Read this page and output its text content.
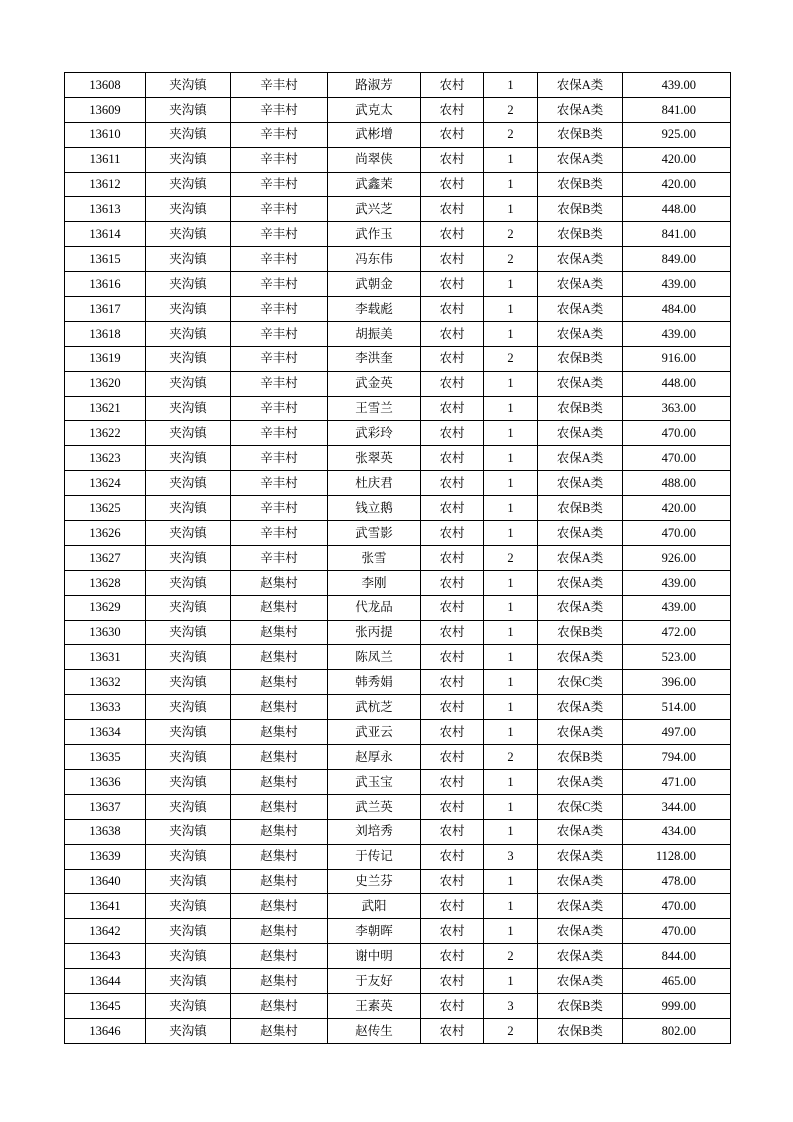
13608	夹沟镇	辛丰村	路淑芳	农村	1	农保A类	439.00
13609	夹沟镇	辛丰村	武克太	农村	2	农保A类	841.00
13610	夹沟镇	辛丰村	武彬增	农村	2	农保B类	925.00
13611	夹沟镇	辛丰村	尚翠侠	农村	1	农保A类	420.00
13612	夹沟镇	辛丰村	武鑫茉	农村	1	农保B类	420.00
13613	夹沟镇	辛丰村	武兴芝	农村	1	农保B类	448.00
13614	夹沟镇	辛丰村	武作玉	农村	2	农保B类	841.00
13615	夹沟镇	辛丰村	冯东伟	农村	2	农保A类	849.00
13616	夹沟镇	辛丰村	武朝金	农村	1	农保A类	439.00
13617	夹沟镇	辛丰村	李载彪	农村	1	农保A类	484.00
13618	夹沟镇	辛丰村	胡振美	农村	1	农保A类	439.00
13619	夹沟镇	辛丰村	李洪奎	农村	2	农保B类	916.00
13620	夹沟镇	辛丰村	武金英	农村	1	农保A类	448.00
13621	夹沟镇	辛丰村	王雪兰	农村	1	农保B类	363.00
13622	夹沟镇	辛丰村	武彩玲	农村	1	农保A类	470.00
13623	夹沟镇	辛丰村	张翠英	农村	1	农保A类	470.00
13624	夹沟镇	辛丰村	杜庆君	农村	1	农保A类	488.00
13625	夹沟镇	辛丰村	钱立鹅	农村	1	农保B类	420.00
13626	夹沟镇	辛丰村	武雪影	农村	1	农保A类	470.00
13627	夹沟镇	辛丰村	张雪	农村	2	农保A类	926.00
13628	夹沟镇	赵集村	李刚	农村	1	农保A类	439.00
13629	夹沟镇	赵集村	代龙品	农村	1	农保A类	439.00
13630	夹沟镇	赵集村	张丙提	农村	1	农保B类	472.00
13631	夹沟镇	赵集村	陈凤兰	农村	1	农保A类	523.00
13632	夹沟镇	赵集村	韩秀娟	农村	1	农保C类	396.00
13633	夹沟镇	赵集村	武杭芝	农村	1	农保A类	514.00
13634	夹沟镇	赵集村	武亚云	农村	1	农保A类	497.00
13635	夹沟镇	赵集村	赵厚永	农村	2	农保B类	794.00
13636	夹沟镇	赵集村	武玉宝	农村	1	农保A类	471.00
13637	夹沟镇	赵集村	武兰英	农村	1	农保C类	344.00
13638	夹沟镇	赵集村	刘培秀	农村	1	农保A类	434.00
13639	夹沟镇	赵集村	于传记	农村	3	农保A类	1128.00
13640	夹沟镇	赵集村	史兰芬	农村	1	农保A类	478.00
13641	夹沟镇	赵集村	武阳	农村	1	农保A类	470.00
13642	夹沟镇	赵集村	李朝晖	农村	1	农保A类	470.00
13643	夹沟镇	赵集村	谢中明	农村	2	农保A类	844.00
13644	夹沟镇	赵集村	于友好	农村	1	农保A类	465.00
13645	夹沟镇	赵集村	王素英	农村	3	农保B类	999.00
13646	夹沟镇	赵集村	赵传生	农村	2	农保B类	802.00
